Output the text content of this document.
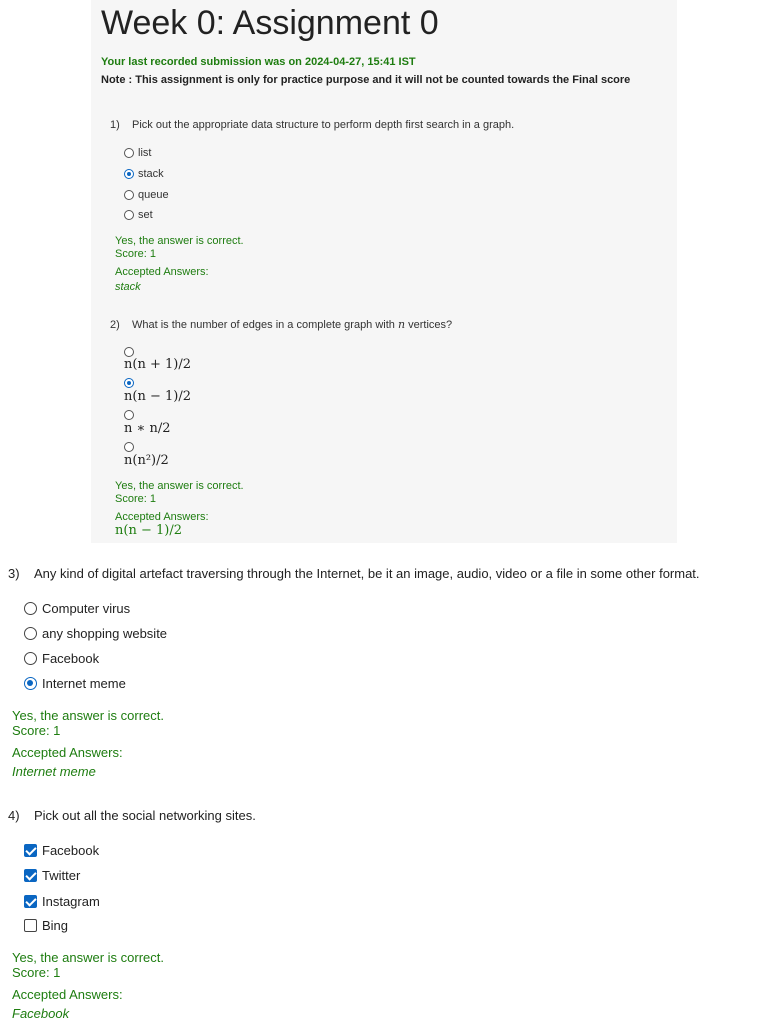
Week 0: Assignment 0
Your last recorded submission was on 2024-04-27, 15:41 IST
Note : This assignment is only for practice purpose and it will not be counted towards the Final score
1) Pick out the appropriate data structure to perform depth first search in a graph.
list
stack
queue
set
Yes, the answer is correct.
Score: 1
Accepted Answers:
stack
2) What is the number of edges in a complete graph with n vertices?
n(n + 1)/2
n(n − 1)/2
n ∗ n/2
n(n²)/2
Yes, the answer is correct.
Score: 1
Accepted Answers:
n(n − 1)/2
3) Any kind of digital artefact traversing through the Internet, be it an image, audio, video or a file in some other format.
Computer virus
any shopping website
Facebook
Internet meme
Yes, the answer is correct.
Score: 1
Accepted Answers:
Internet meme
4) Pick out all the social networking sites.
Facebook
Twitter
Instagram
Bing
Yes, the answer is correct.
Score: 1
Accepted Answers:
Facebook
